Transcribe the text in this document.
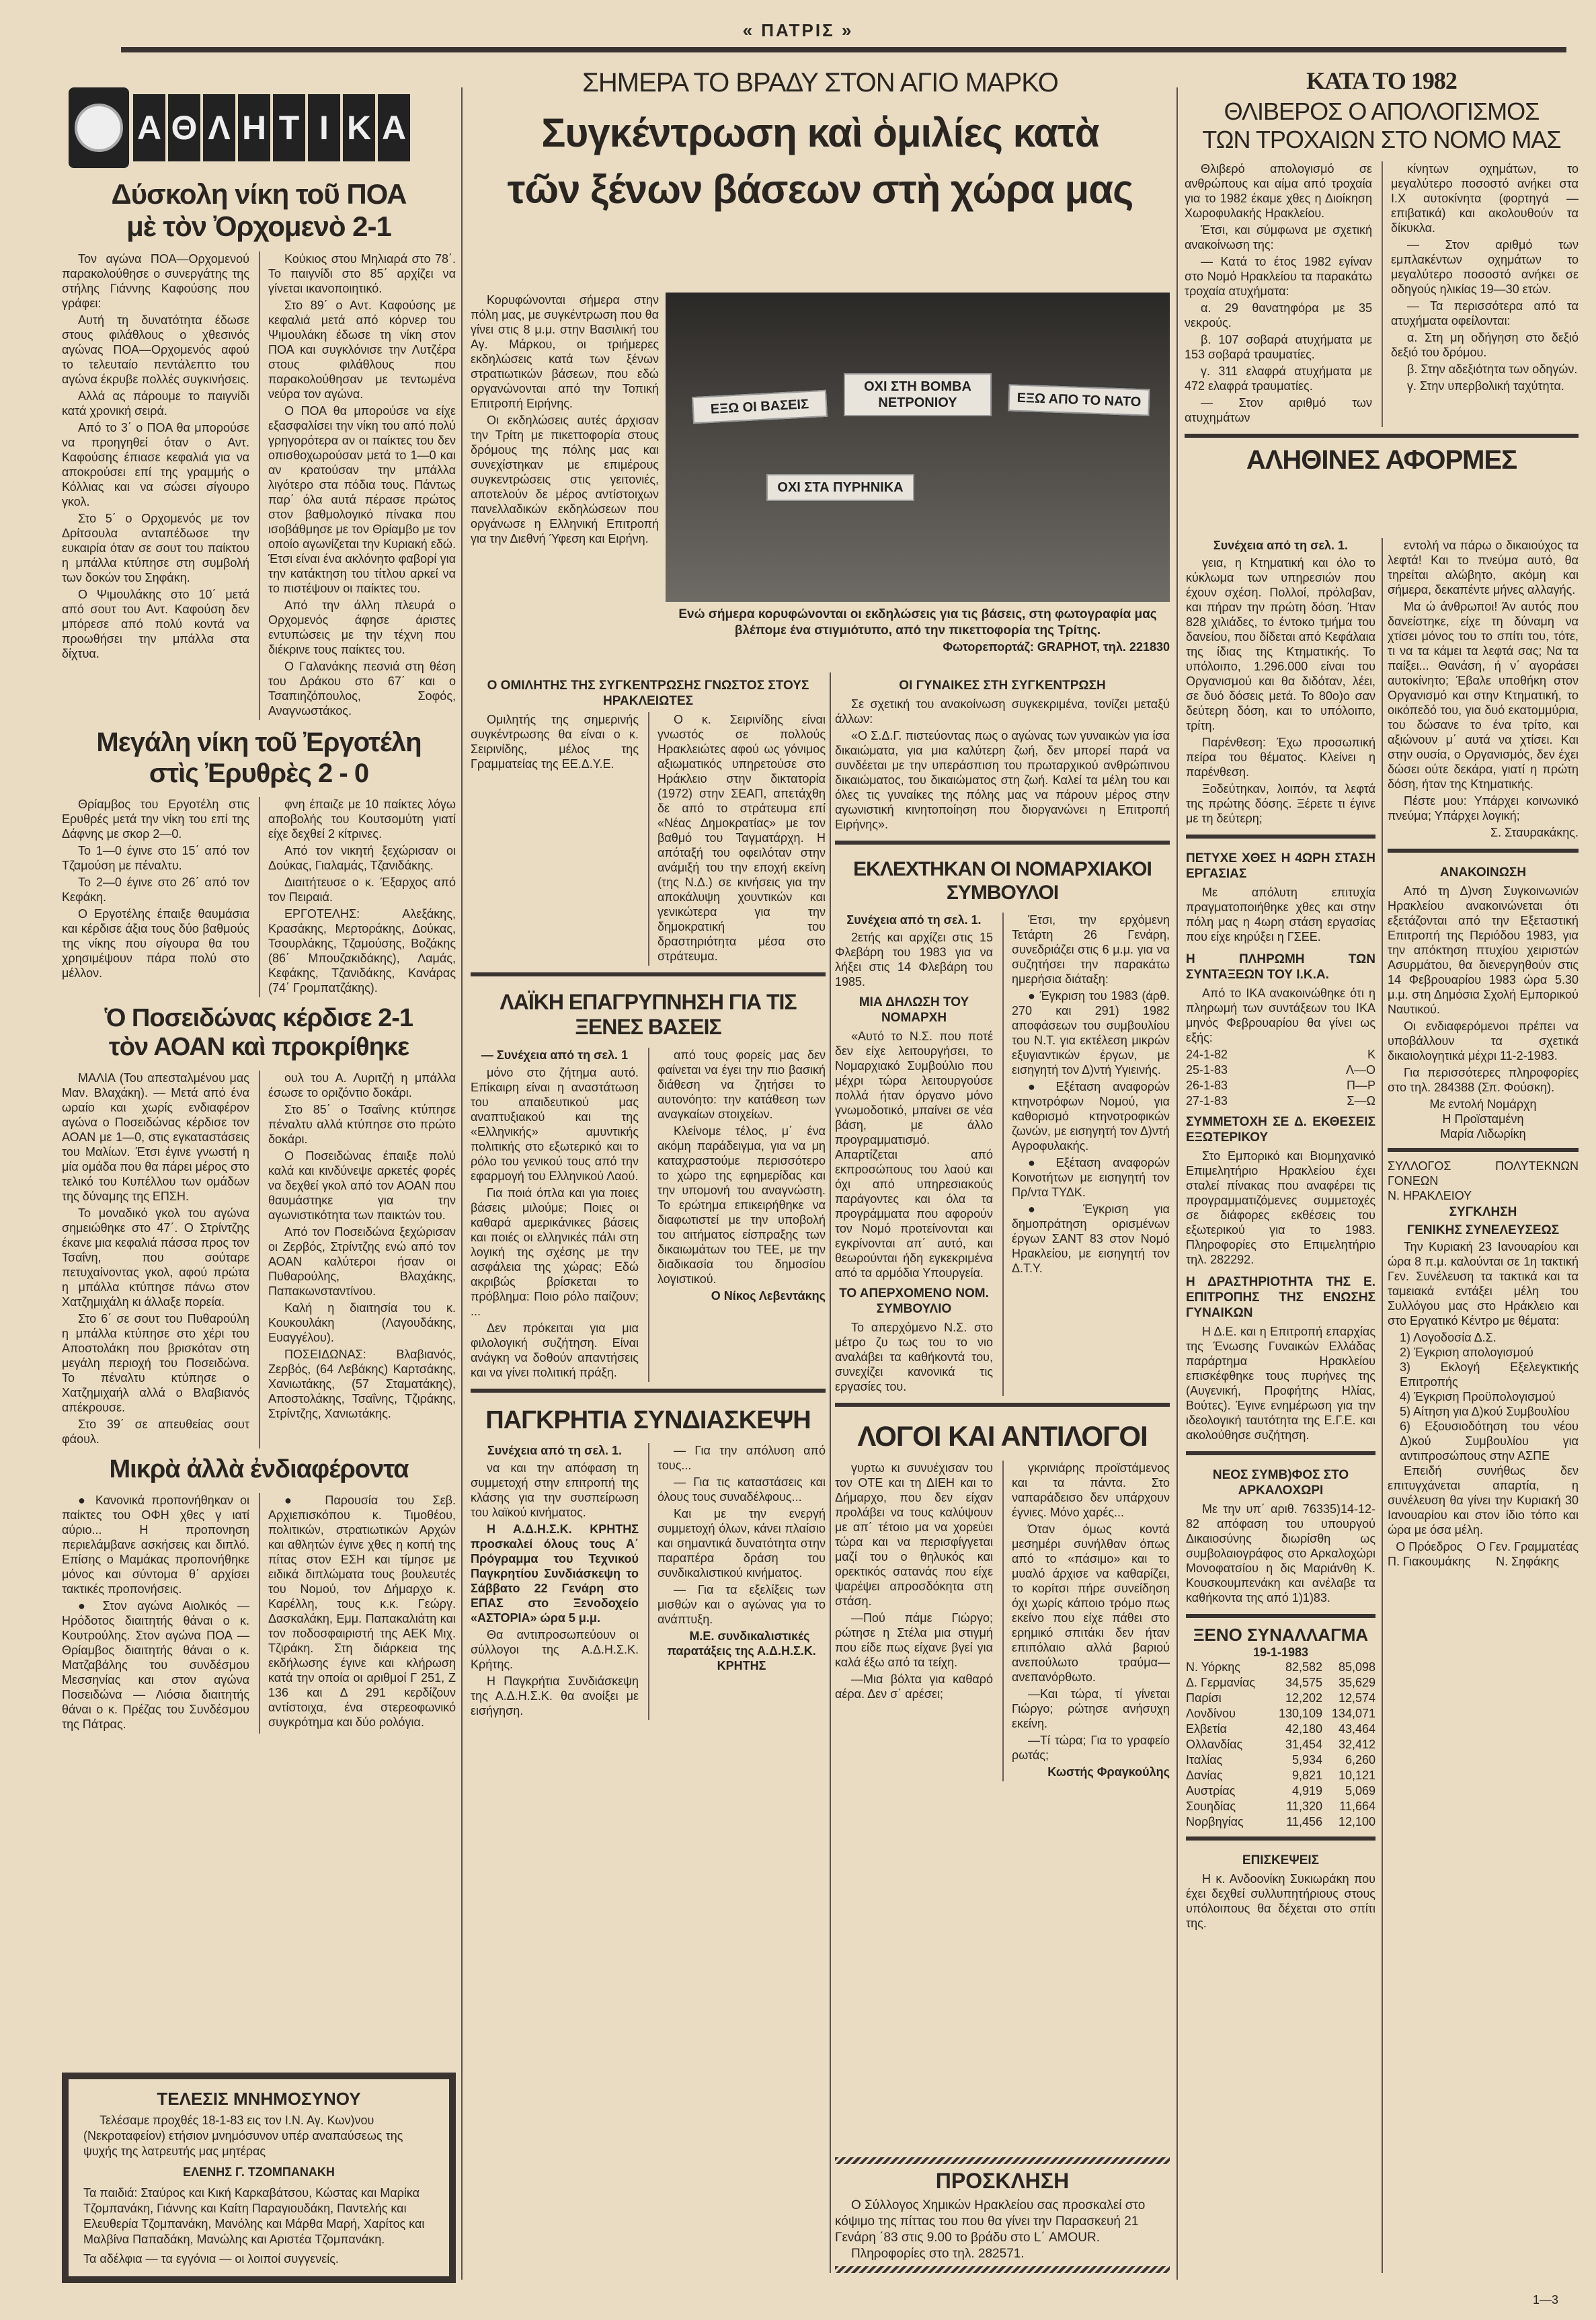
« ΠΑΤΡΙΣ »
Α Θ Λ Η Τ Ι Κ Α
Δύσκολη νίκη τοῦ ΠΟΑ
μὲ τὸν Ὀρχομενὸ 2-1

Τον αγώνα ΠΟΑ—Ορχομενού παρακολούθησε ο συνεργάτης της στήλης Γιάννης Καφούσης που γράφει:

Αυτή τη δυνατότητα έδωσε στους φιλάθλους ο χθεσινός αγώνας ΠΟΑ—Ορχομενός αφού το τελευταίο πεντάλεπτο του αγώνα έκρυβε πολλές συγκινήσεις.

Αλλά ας πάρουμε το παιγνίδι κατά χρονική σειρά.

Από το 3΄ ο ΠΟΑ θα μπορούσε να προηγηθεί όταν ο Αντ. Καφούσης έπιασε κεφαλιά για να αποκρούσει επί της γραμμής ο Κόλλιας και να σώσει σίγουρο γκολ.

Στο 5΄ ο Ορχομενός με τον Δρίτσουλα ανταπέδωσε την ευκαιρία όταν σε σουτ του παίκτου η μπάλλα κτύπησε στη συμβολή των δοκών του Σηφάκη.

Ο Ψιμουλάκης στο 10΄ μετά από σουτ του Αντ. Καφούση δεν μπόρεσε από πολύ κοντά να προωθήσει την μπάλλα στα δίχτυα.

Κούκιος στου Μηλιαρά στο 78΄. Το παιγνίδι στο 85΄ αρχίζει να γίνεται ικανοποιητικό.

Στο 89΄ ο Αντ. Καφούσης με κεφαλιά μετά από κόρνερ του Ψιμουλάκη έδωσε τη νίκη στον ΠΟΑ και συγκλόνισε την Λυτζέρα στους φιλάθλους που παρακολούθησαν με τεντωμένα νεύρα τον αγώνα.

Ο ΠΟΑ θα μπορούσε να είχε εξασφαλίσει την νίκη του από πολύ γρηγορότερα αν οι παίκτες του δεν οπισθοχωρούσαν μετά το 1—0 και αν κρατούσαν την μπάλλα λιγότερο στα πόδια τους. Πάντως παρ΄ όλα αυτά πέρασε πρώτος στον βαθμολογικό πίνακα που ισοβάθμησε με τον Θρίαμβο με τον οποίο αγωνίζεται την Κυριακή εδώ. Έτσι είναι ένα ακλόνητο φαβορί για την κατάκτηση του τίτλου αρκεί να το πιστέψουν οι παίκτες του.

Από την άλλη πλευρά ο Ορχομενός άφησε άριστες εντυπώσεις με την τέχνη που διέκρινε τους παίκτες του.

Ο Γαλανάκης πεσνιά στη θέση του Δράκου στο 67΄ και ο Τσαπιηζόπουλος, Σοφός, Αναγνωστάκος.

Μεγάλη νίκη τοῦ Ἐργοτέλη
στὶς Ἐρυθρὲς 2 - 0

Θρίαμβος του Εργοτέλη στις Ερυθρές μετά την νίκη του επί της Δάφνης με σκορ 2—0.

Το 1—0 έγινε στο 15΄ από τον Τζαμούση με πέναλτυ.

Το 2—0 έγινε στο 26΄ από τον Κεφάκη.

Ο Εργοτέλης έπαιξε θαυμάσια και κέρδισε άξια τους δύο βαθμούς της νίκης που σίγουρα θα του χρησιμέψουν πάρα πολύ στο μέλλον.

φνη έπαιζε με 10 παίκτες λόγω αποβολής του Κουτσομύτη γιατί είχε δεχθεί 2 κίτρινες.

Από τον νικητή ξεχώρισαν οι Δούκας, Γιαλαμάς, Τζανιδάκης.

Διαιτήτευσε ο κ. Έξαρχος από τον Πειραιά.

ΕΡΓΟΤΕΛΗΣ: Αλεξάκης, Κρασάκης, Μερτοράκης, Δούκας, Τσουρλάκης, Τζαμούσης, Βοζάκης (86΄ Μπουζακιδάκης), Λαμάς, Κεφάκης, Τζανιδάκης, Κανάρας (74΄ Γρομπατζάκης).

Ὁ Ποσειδώνας κέρδισε 2-1
τὸν ΑΟΑΝ καὶ προκρίθηκε

ΜΑΛΙΑ (Του απεσταλμένου μας Μαν. Βλαχάκη). — Μετά από ένα ωραίο και χωρίς ενδιαφέρον αγώνα ο Ποσειδώνας κέρδισε τον ΑΟΑΝ με 1—0, στις εγκαταστάσεις του Μαλίων. Έτσι έγινε γνωστή η μία ομάδα που θα πάρει μέρος στο τελικό του Κυπέλλου των ομάδων της δύναμης της ΕΠΣΗ.

Το μοναδικό γκολ του αγώνα σημειώθηκε στο 47΄. Ο Στρίντζης έκανε μια κεφαλιά πάσσα προς τον Τσαΐνη, που σούταρε πετυχαίνοντας γκολ, αφού πρώτα η μπάλλα κτύπησε πάνω στον Χατζημιχάλη κι άλλαξε πορεία.

Στο 6΄ σε σουτ του Πυθαρούλη η μπάλλα κτύπησε στο χέρι του Αποστολάκη που βρισκόταν στη μεγάλη περιοχή του Ποσειδώνα. Το πέναλτυ κτύπησε ο Χατζημιχαήλ αλλά ο Βλαβιανός απέκρουσε.

Στο 39΄ σε απευθείας σουτ φάουλ.

ουλ του Α. Λυριτζή η μπάλλα έσωσε το οριζόντιο δοκάρι.

Στο 85΄ ο Τσαΐνης κτύπησε πέναλτυ αλλά κτύπησε στο πρώτο δοκάρι.

Ο Ποσειδώνας έπαιξε πολύ καλά και κινδύνεψε αρκετές φορές να δεχθεί γκολ από τον ΑΟΑΝ που θαυμάστηκε για την αγωνιστικότητα των παικτών του.

Από τον Ποσειδώνα ξεχώρισαν οι Ζερβός, Στρίντζης ενώ από τον ΑΟΑΝ καλύτεροι ήσαν οι Πυθαρούλης, Βλαχάκης, Παπακωνσταντίνου.

Καλή η διαιτησία του κ. Κουκουλάκη (Λαγουδάκης, Ευαγγέλου).

ΠΟΣΕΙΔΩΝΑΣ: Βλαβιανός, Ζερβός, (64 Λεβάκης) Καρτσάκης, Χανιωτάκης, (57 Σταματάκης), Αποστολάκης, Τσαΐνης, Τζιράκης, Στρίντζης, Χανιωτάκης.

Μικρὰ ἀλλὰ ἐνδιαφέροντα

● Κανονικά προπονήθηκαν οι παίκτες του ΟΦΗ χθες γ ιατί αύριο... Η προπονηση περιελάμβανε ασκήσεις και διπλό. Επίσης ο Μαμάκας προπονήθηκε μόνος και σύντομα θ΄ αρχίσει τακτικές προπονήσεις.

● Στον αγώνα Αιολικός — Ηρόδοτος διαιτητής θάναι ο κ. Κουτρούλης. Στον αγώνα ΠΟΑ — Θρίαμβος διαιτητής θάναι ο κ. Ματζαβάλης του συνδέσμου Μεσσηνίας και στον αγώνα Ποσειδώνα — Λιόσια διαιτητής θάναι ο κ. Πρέζας του Συνδέσμου της Πάτρας.

● Παρουσία του Σεβ. Αρχιεπισκόπου κ. Τιμοθέου, πολιτικών, στρατιωτικών Αρχών και αθλητών έγινε χθες η κοπή της πίτας στον ΕΣΗ και τίμησε με ειδικά διπλώματα τους βουλευτές του Νομού, τον Δήμαρχο κ. Καρέλλη, τους κ.κ. Γεώργ. Δασκαλάκη, Εμμ. Παπακαλιάτη και τον ποδοσφαιριστή της ΑΕΚ Μιχ. Τζιράκη. Στη διάρκεια της εκδήλωσης έγινε και κλήρωση κατά την οποία οι αριθμοί Γ 251, Ζ 136 και Δ 291 κερδίζουν αντίστοιχα, ένα στερεοφωνικό συγκρότημα και δύο ρολόγια.

ΤΕΛΕΣΙΣ ΜΝΗΜΟΣΥΝΟΥ
Τελέσαμε προχθές 18-1-83 εις τον Ι.Ν. Αγ. Κων)νου (Νεκροταφείον) ετήσιον μνημόσυνον υπέρ αναπαύσεως της ψυχής της λατρευτής μας μητέρας
ΕΛΕΝΗΣ Γ. ΤΖΟΜΠΑΝΑΚΗ
Τα παιδιά: Σταύρος και Κική Καρκαβάτσου, Κώστας και Μαρίκα Τζομπανάκη, Γιάννης και Καίτη Παραγιουδάκη, Παντελής και Ελευθερία Τζομπανάκη, Μανόλης και Μάρθα Μαρή, Χαρίτος και Μαλβίνα Παπαδάκη, Μανώλης και Αριστέα Τζομπανάκη.
Τα αδέλφια — τα εγγόνια — οι λοιποί συγγενείς.
ΣΗΜΕΡΑ ΤΟ ΒΡΑΔΥ ΣΤΟΝ ΑΓΙΟ ΜΑΡΚΟ
Συγκέντρωση καὶ ὁμιλίες κατὰ
τῶν ξένων βάσεων στὴ χώρα μας

Κορυφώνονται σήμερα στην πόλη μας, με συγκέντρωση που θα γίνει στις 8 μ.μ. στην Βασιλική του Αγ. Μάρκου, οι τριήμερες εκδηλώσεις κατά των ξένων στρατιωτικών βάσεων, που εδώ οργανώνονται από την Τοπική Επιτροπή Ειρήνης.

Οι εκδηλώσεις αυτές άρχισαν την Τρίτη με πικεττοφορία στους δρόμους της πόλης μας και συνεχίστηκαν με επιμέρους συγκεντρώσεις στις γειτονιές, αποτελούν δε μέρος αντίστοιχων πανελλαδικών εκδηλώσεων που οργάνωσε η Ελληνική Επιτροπή για την Διεθνή Ύφεση και Ειρήνη.

ΕΞΩ ΟΙ ΒΑΣΕΙΣ
ΟΧΙ ΣΤΗ ΒΟΜΒΑ ΝΕΤΡΟΝΙΟΥ	ΕΞΩ ΑΠΟ ΤΟ ΝΑΤΟ
ΟΧΙ ΣΤΑ ΠΥΡΗΝΙΚΑ
Ενώ σήμερα κορυφώνονται οι εκδηλώσεις για τις βάσεις, στη φωτογραφία μας
βλέπομε ένα στιγμιότυπο, από την πικεττοφορία της Τρίτης.
Φωτορεπορτάζ: GRAPHOT, τηλ. 221830
Ο ΟΜΙΛΗΤΗΣ ΤΗΣ ΣΥΓΚΕΝΤΡΩΣΗΣ ΓΝΩΣΤΟΣ ΣΤΟΥΣ ΗΡΑΚΛΕΙΩΤΕΣ

Ομιλητής της σημερινής συγκέντρωσης θα είναι ο κ. Σειρινίδης, μέλος της Γραμματείας της ΕΕ.Δ.Υ.Ε.

Ο κ. Σειρινίδης είναι γνωστός σε πολλούς Ηρακλειώτες αφού ως γόνιμος αξιωματικός υπηρετούσε στο Ηράκλειο στην δικτατορία (1972) στην ΣΕΑΠ, απετάχθη δε από το στράτευμα επί «Νέας Δημοκρατίας» με τον βαθμό του Ταγματάρχη. Η απόταξή του οφειλόταν στην ανάμιξή του την εποχή εκείνη (της Ν.Δ.) σε κινήσεις για την αποκάλυψη χουντικών και γενικώτερα για την δημοκρατική του δραστηριότητα μέσα στο στράτευμα.

ΛΑΪΚΗ ΕΠΑΓΡΥΠΝΗΣΗ ΓΙΑ ΤΙΣ ΞΕΝΕΣ ΒΑΣΕΙΣ
— Συνέχεια από τη σελ. 1

μόνο στο ζήτημα αυτό. Επίκαιρη είναι η αναστάτωση του απαιδευτικού μας αναπτυξιακού και της «Ελληνικής» αμυντικής πολιτικής στο εξωτερικό και το ρόλο του γενικού τους από την εφαρμογή του Ελληνικού Λαού.

Για ποιά όπλα και για ποιες βάσεις μιλούμε; Ποιες οι καθαρά αμερικάνικες βάσεις και ποιές οι ελληνικές πάλι στη λογική της σχέσης με την ασφάλεια της χώρας; Εδώ ακριβώς βρίσκεται το πρόβλημα: Ποιο ρόλο παίζουν; ...

Δεν πρόκειται για μια φιλολογική συζήτηση. Είναι ανάγκη να δοθούν απαντήσεις και να γίνει πολιτική πράξη.

από τους φορείς μας δεν φαίνεται να έγει την πιο βασική διάθεση να ζητήσει το αυτονόητο: την κατάθεση των αναγκαίων στοιχείων.

Κλείνομε τέλος, μ΄ ένα ακόμη παράδειγμα, για να μη καταχραστούμε περισσότερο το χώρο της εφημερίδας και την υπομονή του αναγνώστη. Το ερώτημα επικειρήθηκε να διαφωτιστεί με την υποβολή του αιτήματος είσπραξης των δικαιωμάτων του ΤΕΕ, με την διαδικασία του δημοσίου λογιστικού.

Ο Νίκος Λεβεντάκης

ΠΑΓΚΡΗΤΙΑ ΣΥΝΔΙΑΣΚΕΨΗ
Συνέχεια από τη σελ. 1.

να και την απόφαση τη συμμετοχή στην επιτροπή της κλάσης για την συσπείρωση του λαϊκού κινήματος.

Η Α.Δ.Η.Σ.Κ. ΚΡΗΤΗΣ προσκαλεί όλους τους Α΄ Πρόγραμμα του Τεχνικού Παγκρητίου Συνδιάσκεψη το Σάββατο 22 Γενάρη στο ΕΠΑΣ στο Ξενοδοχείο «ΑΣΤΟΡΙΑ» ώρα 5 μ.μ.

Θα αντιπροσωπεύουν οι σύλλογοι της Α.Δ.Η.Σ.Κ. Κρήτης.

Η Παγκρήτια Συνδιάσκεψη της Α.Δ.Η.Σ.Κ. θα ανοίξει με εισήγηση.

— Για την απόλυση από τους...

— Για τις καταστάσεις και όλους τους συναδέλφους...

Και με την ενεργή συμμετοχή όλων, κάνει πλαίσιο και σημαντικά δυνατότητα στην παραπέρα δράση του συνδικαλιστικού κινήματος.

— Για τα εξελίξεις των μισθών και ο αγώνας για το ανάπτυξη.

Μ.Ε. συνδικαλιστικές παρατάξεις της Α.Δ.Η.Σ.Κ. ΚΡΗΤΗΣ

ΟΙ ΓΥΝΑΙΚΕΣ ΣΤΗ ΣΥΓΚΕΝΤΡΩΣΗ

Σε σχετική του ανακοίνωση συγκεκριμένα, τονίζει μεταξύ άλλων:

«Ο Σ.Δ.Γ. πιστεύοντας πως ο αγώνας των γυναικών για ίσα δικαιώματα, για μια καλύτερη ζωή, δεν μπορεί παρά να συνδέεται με την υπεράσπιση του πρωταρχικού ανθρώπινου δικαιώματος, του δικαιώματος στη ζωή. Καλεί τα μέλη του και όλες τις γυναίκες της πόλης μας να πάρουν μέρος στην αγωνιστική κινητοποίηση που διοργανώνει η Επιτροπή Ειρήνης».

ΕΚΛΕΧΤΗΚΑΝ ΟΙ ΝΟΜΑΡΧΙΑΚΟΙ ΣΥΜΒΟΥΛΟΙ
Συνέχεια από τη σελ. 1.

2ετής και αρχίζει στις 15 Φλεβάρη του 1983 για να λήξει στις 14 Φλεβάρη του 1985.

ΜΙΑ ΔΗΛΩΣΗ ΤΟΥ ΝΟΜΑΡΧΗ

«Αυτό το Ν.Σ. που ποτέ δεν είχε λειτουργήσει, το Νομαρχιακό Συμβούλιο που μέχρι τώρα λειτουργούσε πολλά ήταν όργανο μόνο γνωμοδοτικό, μπαίνει σε νέα βάση, με άλλο προγραμματισμό. Απαρτίζεται από εκπροσώπους του λαού και όχι από υπηρεσιακούς παράγοντες και όλα τα προγράμματα που αφορούν τον Νομό προτείνονται και εγκρίνονται απ΄ αυτό, και θεωρούνται ήδη εγκεκριμένα από τα αρμόδια Υπουργεία.

ΤΟ ΑΠΕΡΧΟΜΕΝΟ ΝΟΜ. ΣΥΜΒΟΥΛΙΟ

Το απερχόμενο Ν.Σ. στο μέτρο ζυ τως του το νιο αναλάβει τα καθήκοντά του, συνεχίζει κανονικά τις εργασίες του.

Έτσι, την ερχόμενη Τετάρτη 26 Γενάρη, συνεδριάζει στις 6 μ.μ. για να συζητήσει την παρακάτω ημερήσια διάταξη:

● Έγκριση του 1983 (άρθ. 270 και 291) 1982 αποφάσεων του συμβουλίου του Ν.Τ. για εκτέλεση μικρών εξυγιαντικών έργων, με εισηγητή τον Δ)ντή Υγιεινής.

● Εξέταση αναφορών κτηνοτρόφων Νομού, για καθορισμό κτηνοτροφικών ζωνών, με εισηγητή τον Δ)ντή Αγροφυλακής.

● Εξέταση αναφορών Κοινοτήτων με εισηγητή τον Πρ/ντα ΤΥΔΚ.

● Έγκριση για δημοπράτηση ορισμένων έργων ΣΑΝΤ 83 στον Νομό Ηρακλείου, με εισηγητή τον Δ.Τ.Υ.

ΛΟΓΟΙ ΚΑΙ ΑΝΤΙΛΟΓΟΙ

γυρτω κι συνυέχισαν του τον ΟΤΕ και τη ΔΙΕΗ και το Δήμαρχο, που δεν είχαν προλάβει να τους καλύψουν με απ΄ τέτοιο μα να χορεύει τώρα και να περισφίγγεται μαζί του ο θηλυκός και ορεκτικός σατανάς που είχε ψαρέψει απροσδόκητα στη στάση.

—Πού πάμε Γιώργο; ρώτησε η Στέλα μια στιγμή που είδε πως είχανε βγεί για καλά έξω από τα τείχη.

—Μια βόλτα για καθαρό αέρα. Δεν σ΄ αρέσει;

γκρινιάρης προϊστάμενος και τα πάντα. Στο ναπαράδεισο δεν υπάρχουν έγνιες. Μόνο χαρές...

Όταν όμως κοντά μεσημέρι συνήλθαν όπως από το «πάσιμο» και το μυαλό άρχισε να καθαρίζει, το κορίτσι πήρε συνείδηση όχι χωρίς κάποιο τρόμο πως εκείνο που είχε πάθει στο ερημικό σπιτάκι δεν ήταν επιπόλαιο αλλά βαριού ανεπούλωτο τραύμα—ανεπανόρθωτο.

—Και τώρα, τί γίνεται Γιώργο; ρώτησε ανήσυχη εκείνη.

—Τί τώρα; Για το γραφείο ρωτάς;

Κωστής Φραγκούλης

ΠΡΟΣΚΛΗΣΗ
Ο Σύλλογος Χημικών Ηρακλείου σας προσκαλεί στο κόψιμο της πίττας του που θα γίνει την Παρασκευή 21 Γενάρη ΄83 στις 9.00 το βράδυ στο L΄ AMOUR.
Πληροφορίες στο τηλ. 282571.
ΚΑΤΑ ΤΟ 1982
ΘΛΙΒΕΡΟΣ Ο ΑΠΟΛΟΓΙΣΜΟΣ
ΤΩΝ ΤΡΟΧΑΙΩΝ ΣΤΟ ΝΟΜΟ ΜΑΣ

Θλιβερό απολογισμό σε ανθρώπους και αίμα από τροχαία για το 1982 έκαμε χθες η Διοίκηση Χωροφυλακής Ηρακλείου.

Έτσι, και σύμφωνα με σχετική ανακοίνωση της:

— Κατά το έτος 1982 εγίναν στο Νομό Ηρακλείου τα παρακάτω τροχαία ατυχήματα:

α. 29 θανατηφόρα με 35 νεκρούς.

β. 107 σοβαρά ατυχήματα με 153 σοβαρά τραυματίες.

γ. 311 ελαφρά ατυχήματα με 472 ελαφρά τραυματίες.

— Στον αριθμό των ατυχημάτων

κίνητων οχημάτων, το μεγαλύτερο ποσοστό ανήκει στα Ι.Χ αυτοκίνητα (φορτηγά —επιβατικά) και ακολουθούν τα δίκυκλα.

— Στον αριθμό των εμπλακέντων οχημάτων το μεγαλύτερο ποσοστό ανήκει σε οδηγούς ηλικίας 19—30 ετών.

— Τα περισσότερα από τα ατυχήματα οφείλονται:

α. Στη μη οδήγηση στο δεξιό δεξιό του δρόμου.

β. Στην αδεξιότητα των οδηγών.

γ. Στην υπερβολική ταχύτητα.

ΑΛΗΘΙΝΕΣ ΑΦΟΡΜΕΣ
Συνέχεια από τη σελ. 1.

γεια, η Κτηματική και όλο το κύκλωμα των υπηρεσιών που έχουν σχέση. Πολλοί, πρόλαβαν, και πήραν την πρώτη δόση. Ήταν 828 χιλιάδες, το έντοκο τμήμα του δανείου, που δίδεται από Κεφάλαια της ίδιας της Κτηματικής. Το υπόλοιπο, 1.296.000 είναι του Οργανισμού και θα διδόταν, λέει, σε δυό δόσεις μετά. Το 80ο)ο σαν δεύτερη δόση, και το υπόλοιπο, τρίτη.

Παρένθεση: Έχω προσωπική πείρα του θέματος. Κλείνει η παρένθεση.

Ξοδεύτηκαν, λοιπόν, τα λεφτά της πρώτης δόσης. Ξέρετε τι έγινε με τη δεύτερη;

ΠΕΤΥΧΕ ΧΘΕΣ Η 4ΩΡΗ ΣΤΑΣΗ ΕΡΓΑΣΙΑΣ

Με απόλυτη επιτυχία πραγματοποιήθηκε χθες και στην πόλη μας η 4ωρη στάση εργασίας που είχε κηρύξει η ΓΣΕΕ.

Η ΠΛΗΡΩΜΗ ΤΩΝ ΣΥΝΤΑΞΕΩΝ ΤΟΥ Ι.Κ.Α.

Από το ΙΚΑ ανακοινώθηκε ότι η πληρωμή των συντάξεων του ΙΚΑ μηνός Φεβρουαρίου θα γίνει ως εξής:

24-1-82	Κ
25-1-83	Λ—Ο
26-1-83	Π—Ρ
27-1-83	Σ—Ω
ΣΥΜΜΕΤΟΧΗ ΣΕ Δ. ΕΚΘΕΣΕΙΣ ΕΞΩΤΕΡΙΚΟΥ

Στο Εμπορικό και Βιομηχανικό Επιμελητήριο Ηρακλείου έχει σταλεί πίνακας που αναφέρει τις προγραμματιζόμενες συμμετοχές σε διάφορες εκθέσεις του εξωτερικού για το 1983. Πληροφορίες στο Επιμελητήριο τηλ. 282292.

Η ΔΡΑΣΤΗΡΙΟΤΗΤΑ ΤΗΣ Ε. ΕΠΙΤΡΟΠΗΣ ΤΗΣ ΕΝΩΣΗΣ ΓΥΝΑΙΚΩΝ

Η Δ.Ε. και η Επιτροπή επαρχίας της Ένωσης Γυναικών Ελλάδας παράρτημα Ηρακλείου επισκέφθηκε τους πυρήνες της (Αυγενική, Προφήτης Ηλίας, Βούτες). Έγινε ενημέρωση για την ιδεολογική ταυτότητα της Ε.Γ.Ε. και ακολούθησε συζήτηση.

ΝΕΟΣ ΣΥΜΒ)ΦΟΣ ΣΤΟ ΑΡΚΑΛΟΧΩΡΙ

Με την υπ΄ αριθ. 76335)14-12-82 απόφαση του υπουργού Δικαιοσύνης διωρίσθη ως συμβολαιογράφος στο Αρκαλοχώρι Μονοφατσίου η δις Μαριάνθη Κ. Κουσκουμπενάκη και ανέλαβε τα καθήκοντα της από 1)1)83.

ΞΕΝΟ ΣΥΝΑΛΛΑΓΜΑ
19-1-1983
Ν. Υόρκης	82,582	85,098
Δ. Γερμανίας	34,575	35,629
Παρίσι	12,202	12,574
Λονδίνου	130,109	134,071
Ελβετία	42,180	43,464
Ολλανδίας	31,454	32,412
Ιταλίας	5,934	6,260
Δανίας	9,821	10,121
Αυστρίας	4,919	5,069
Σουηδίας	11,320	11,664
Νορβηγίας	11,456	12,100
ΕΠΙΣΚΕΨΕΙΣ

Η κ. Ανδοονίκη Συκιωράκη που έχει δεχθεί συλλυπητήριους στους υπόλοιπους θα δέχεται στο σπίτι της.

εντολή να πάρω ο δικαιούχος τα λεφτά! Και το πνεύμα αυτό, θα τηρείται αλώβητο, ακόμη και σήμερα, δεκαπέντε μήνες αλλαγής.

Μα ώ άνθρωποι! Άν αυτός που δανείστηκε, είχε τη δύναμη να χτίσει μόνος του το σπίτι του, τότε, τι να τα κάμει τα λεφτά σας; Να τα παίξει... Θανάση, ή ν΄ αγοράσει αυτοκίνητο; Έβαλε υποθήκη στον Οργανισμό και στην Κτηματική, το οικόπεδό του, για δυό εκατομμύρια, του δώσανε το ένα τρίτο, και αξιώνουν μ΄ αυτά να χτίσει. Και στην ουσία, ο Οργανισμός, δεν έχει δώσει ούτε δεκάρα, γιατί η πρώτη δόση, ήταν της Κτηματικής.

Πέστε μου: Υπάρχει κοινωνικό πνεύμα; Υπάρχει λογική;

Σ. Σταυρακάκης.

ΑΝΑΚΟΙΝΩΣΗ

Από τη Δ)νση Συγκοινωνιών Ηρακλείου ανακοινώνεται ότι εξετάζονται από την Εξεταστική Επιτροπή της Περιόδου 1983, για την απόκτηση πτυχίου χειριστών Ασυρμάτου, θα διενεργηθούν στις 14 Φεβρουαρίου 1983 ώρα 5.30 μ.μ. στη Δημόσια Σχολή Εμπορικού Ναυτικού.

Οι ενδιαφερόμενοι πρέπει να υποβάλλουν τα σχετικά δικαιολογητικά μέχρι 11-2-1983.

Για περισσότερες πληροφορίες στο τηλ. 284388 (Σπ. Φούσκη).

Με εντολή Νομάρχη
Η Προϊσταμένη
Μαρία Λιδωρίκη
ΣΥΛΛΟΓΟΣ ΠΟΛΥΤΕΚΝΩΝ ΓΟΝΕΩΝ
Ν. ΗΡΑΚΛΕΙΟΥ
ΣΥΓΚΛΗΣΗ
ΓΕΝΙΚΗΣ ΣΥΝΕΛΕΥΣΕΩΣ

Την Κυριακή 23 Ιανουαρίου και ώρα 8 π.μ. καλούνται σε 1η τακτική Γεν. Συνέλευση τα τακτικά και τα ταμειακά εντάξει μέλη του Συλλόγου μας στο Ηράκλειο και στο Εργατικό Κέντρο με θέματα:

1) Λογοδοσία Δ.Σ.
2) Έγκριση απολογισμού
3) Εκλογή Εξελεγκτικής Επιτροπής
4) Έγκριση Προϋπολογισμού
5) Αίτηση για Δ)κού Συμβουλίου
6) Εξουσιοδότηση του νέου Δ)κού Συμβουλίου για αντιπροσώπους στην ΑΣΠΕ

Επειδή συνήθως δεν επιτυγχάνεται απαρτία, η συνέλευση θα γίνει την Κυριακή 30 Ιανουαρίου και στον ίδιο τόπο και ώρα με όσα μέλη.

Ο Πρόεδρος
Π. Γιακουμάκης
Ο Γεν. Γραμματέας
Ν. Σηφάκης
1—3
